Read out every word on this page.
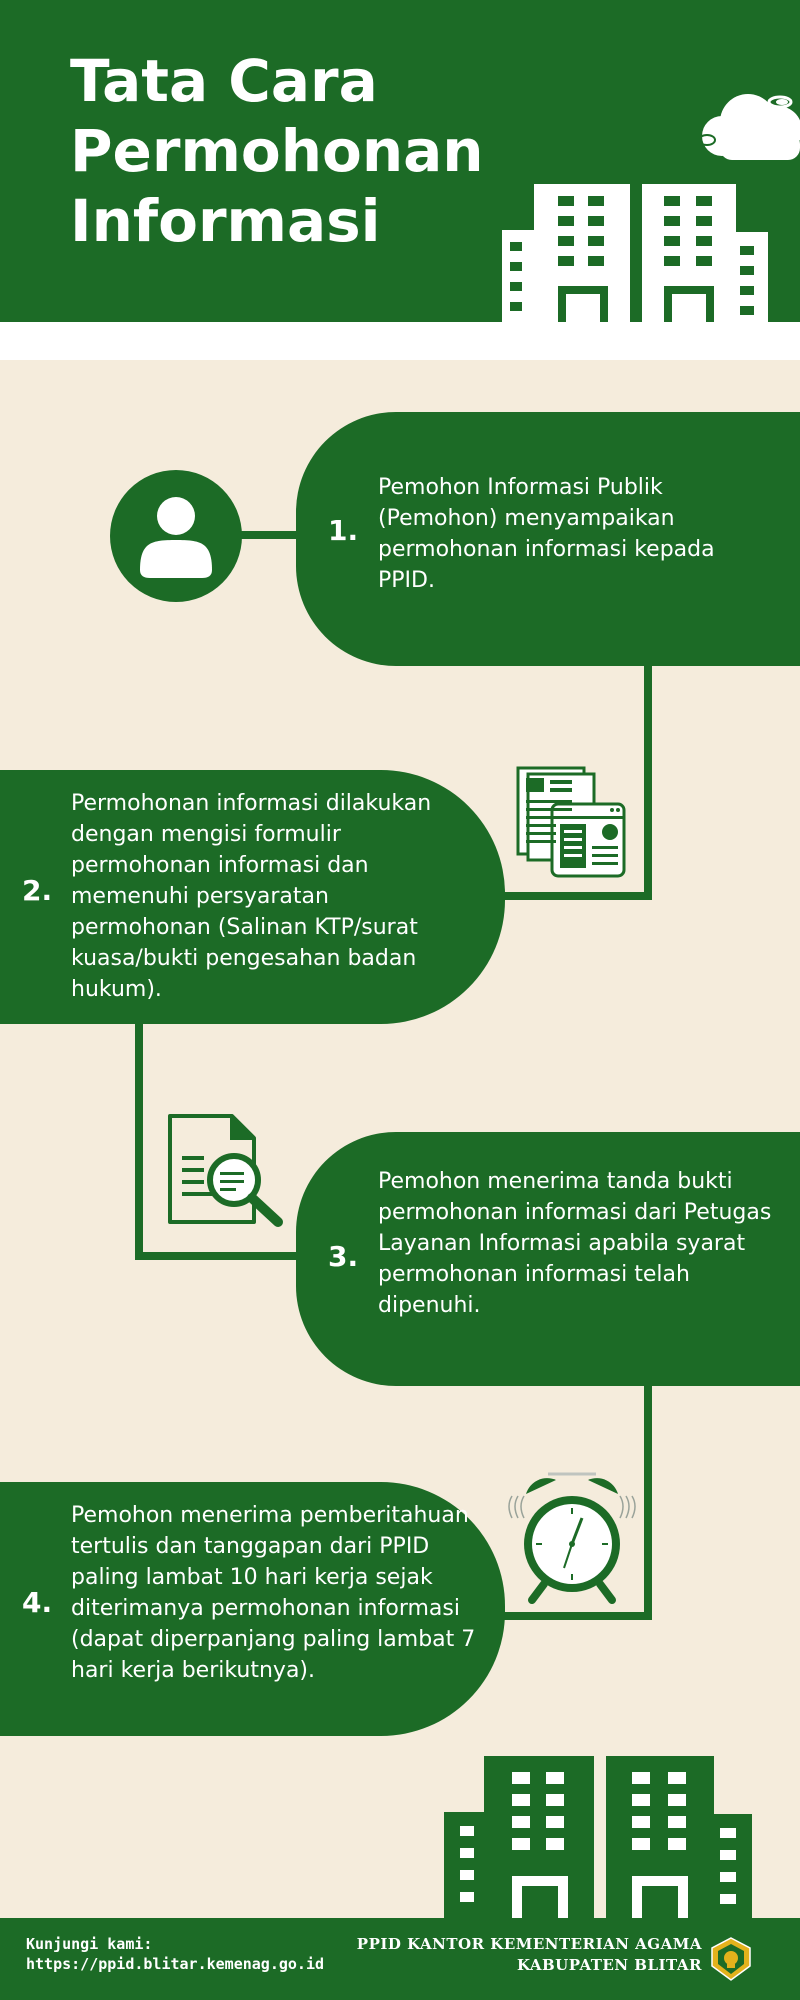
Tata Cara
Permohonan
Informasi
1.

Pemohon Informasi Publik (Pemohon) menyampaikan permohonan informasi kepada PPID.

2.

Permohonan informasi dilakukan dengan mengisi formulir permohonan informasi dan memenuhi persyaratan permohonan (Salinan KTP/surat kuasa/bukti pengesahan badan hukum).

3.

Pemohon menerima tanda bukti permohonan informasi dari Petugas Layanan Informasi apabila syarat permohonan informasi telah dipenuhi.

4.

Pemohon menerima pemberitahuan tertulis dan tanggapan dari PPID paling lambat 10 hari kerja sejak diterimanya permohonan informasi (dapat diperpanjang paling lambat 7 hari kerja berikutnya).

Kunjungi kami:
https://ppid.blitar.kemenag.go.id
PPID KANTOR KEMENTERIAN AGAMA
KABUPATEN BLITAR
